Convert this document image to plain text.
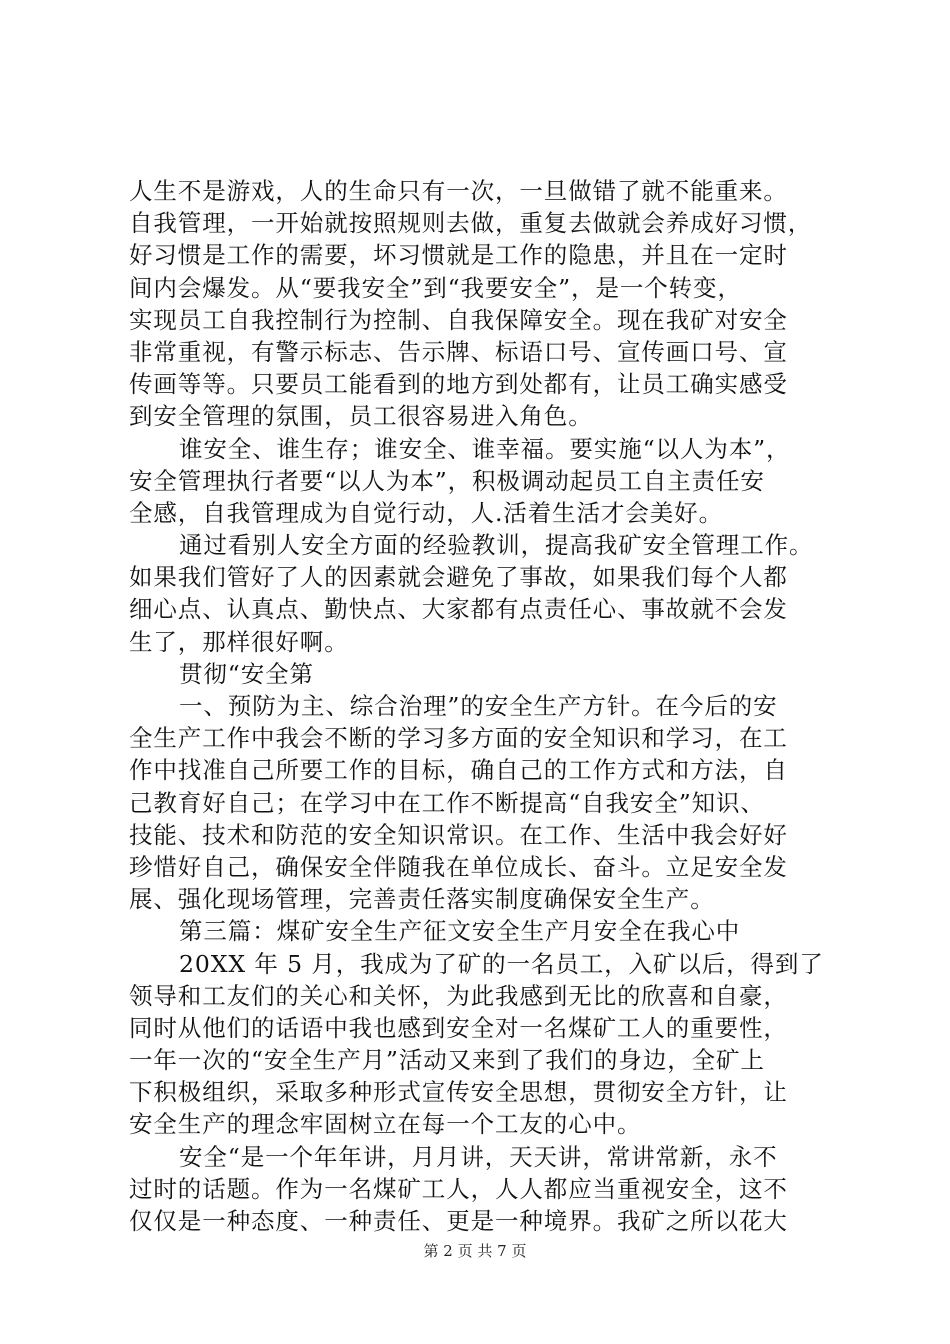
人生不是游戏，人的生命只有一次，一旦做错了就不能重来。
自我管理，一开始就按照规则去做，重复去做就会养成好习惯，
好习惯是工作的需要，坏习惯就是工作的隐患，并且在一定时
间内会爆发。从“要我安全”到“我要安全”，是一个转变，
实现员工自我控制行为控制、自我保障安全。现在我矿对安全
非常重视，有警示标志、告示牌、标语口号、宣传画口号、宣
传画等等。只要员工能看到的地方到处都有，让员工确实感受
到安全管理的氛围，员工很容易进入角色。
谁安全、谁生存；谁安全、谁幸福。要实施“以人为本”，
安全管理执行者要“以人为本”，积极调动起员工自主责任安
全感，自我管理成为自觉行动，人.活着生活才会美好。
通过看别人安全方面的经验教训，提高我矿安全管理工作。
如果我们管好了人的因素就会避免了事故，如果我们每个人都
细心点、认真点、勤快点、大家都有点责任心、事故就不会发
生了，那样很好啊。
贯彻“安全第
一、预防为主、综合治理”的安全生产方针。在今后的安
全生产工作中我会不断的学习多方面的安全知识和学习，在工
作中找准自己所要工作的目标，确自己的工作方式和方法，自
己教育好自己；在学习中在工作不断提高“自我安全”知识、
技能、技术和防范的安全知识常识。在工作、生活中我会好好
珍惜好自己，确保安全伴随我在单位成长、奋斗。立足安全发
展、强化现场管理，完善责任落实制度确保安全生产。
第三篇：煤矿安全生产征文安全生产月安全在我心中
20XX 年 5 月，我成为了矿的一名员工，入矿以后，得到了
领导和工友们的关心和关怀，为此我感到无比的欣喜和自豪，
同时从他们的话语中我也感到安全对一名煤矿工人的重要性，
一年一次的“安全生产月”活动又来到了我们的身边，全矿上
下积极组织，采取多种形式宣传安全思想，贯彻安全方针，让
安全生产的理念牢固树立在每一个工友的心中。
安全“是一个年年讲，月月讲，天天讲，常讲常新，永不
过时的话题。作为一名煤矿工人，人人都应当重视安全，这不
仅仅是一种态度、一种责任、更是一种境界。我矿之所以花大
第 2 页 共 7 页
